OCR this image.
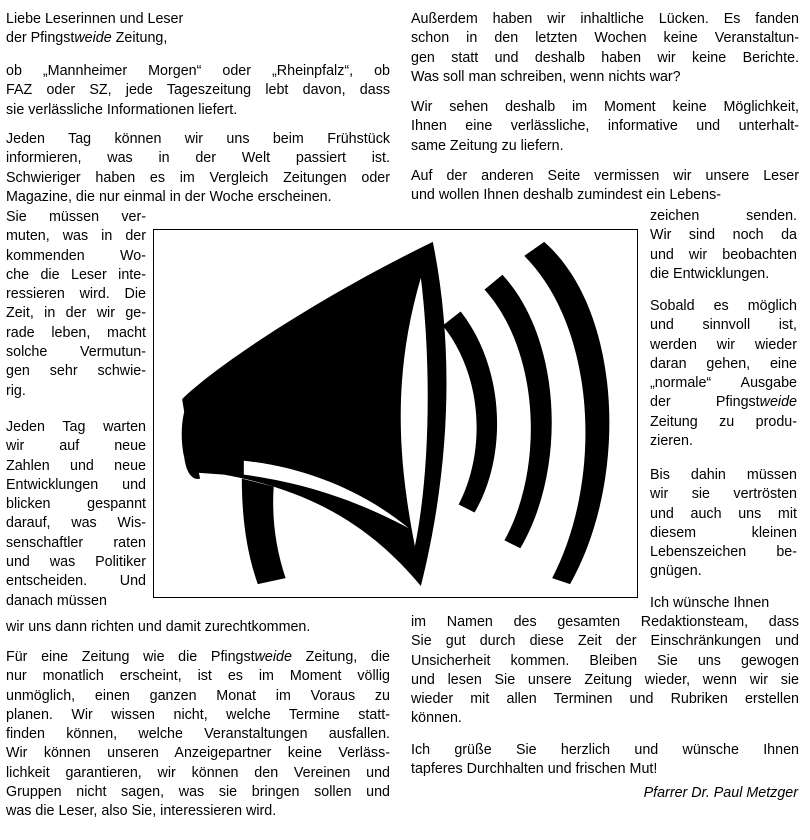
Liebe Leserinnen und Leser
der Pfingstweide Zeitung,
ob „Mannheimer Morgen“ oder „Rheinpfalz“, ob
FAZ oder SZ, jede Tageszeitung lebt davon, dass
sie verlässliche Informationen liefert.
Jeden Tag können wir uns beim Frühstück
informieren, was in der Welt passiert ist.
Schwieriger haben es im Vergleich Zeitungen oder
Magazine, die nur einmal in der Woche erscheinen.
Sie müssen ver-
muten, was in der
kommenden Wo-
che die Leser inte-
ressieren wird. Die
Zeit, in der wir ge-
rade leben, macht
solche Vermutun-
gen sehr schwie-
rig.
Jeden Tag warten
wir auf neue
Zahlen und neue
Entwicklungen und
blicken gespannt
darauf, was Wis-
senschaftler raten
und was Politiker
entscheiden. Und
danach müssen
wir uns dann richten und damit zurechtkommen.
Für eine Zeitung wie die Pfingstweide Zeitung, die
nur monatlich erscheint, ist es im Moment völlig
unmöglich, einen ganzen Monat im Voraus zu
planen. Wir wissen nicht, welche Termine statt-
finden können, welche Veranstaltungen ausfallen.
Wir können unseren Anzeigepartner keine Verläss-
lichkeit garantieren, wir können den Vereinen und
Gruppen nicht sagen, was sie bringen sollen und
was die Leser, also Sie, interessieren wird.
Außerdem haben wir inhaltliche Lücken. Es fanden
schon in den letzten Wochen keine Veranstaltun-
gen statt und deshalb haben wir keine Berichte.
Was soll man schreiben, wenn nichts war?
Wir sehen deshalb im Moment keine Möglichkeit,
Ihnen eine verlässliche, informative und unterhalt-
same Zeitung zu liefern.
Auf der anderen Seite vermissen wir unsere Leser
und wollen Ihnen deshalb zumindest ein Lebens-
zeichen senden.
Wir sind noch da
und wir beobachten
die Entwicklungen.
Sobald es möglich
und sinnvoll ist,
werden wir wieder
daran gehen, eine
„normale“ Ausgabe
der Pfingstweide
Zeitung zu produ-
zieren.
Bis dahin müssen
wir sie vertrösten
und auch uns mit
diesem kleinen
Lebenszeichen be-
gnügen.
Ich wünsche Ihnen
im Namen des gesamten Redaktionsteam, dass
Sie gut durch diese Zeit der Einschränkungen und
Unsicherheit kommen. Bleiben Sie uns gewogen
und lesen Sie unsere Zeitung wieder, wenn wir sie
wieder mit allen Terminen und Rubriken erstellen
können.
Ich grüße Sie herzlich und wünsche Ihnen
tapferes Durchhalten und frischen Mut!
Pfarrer Dr. Paul Metzger
